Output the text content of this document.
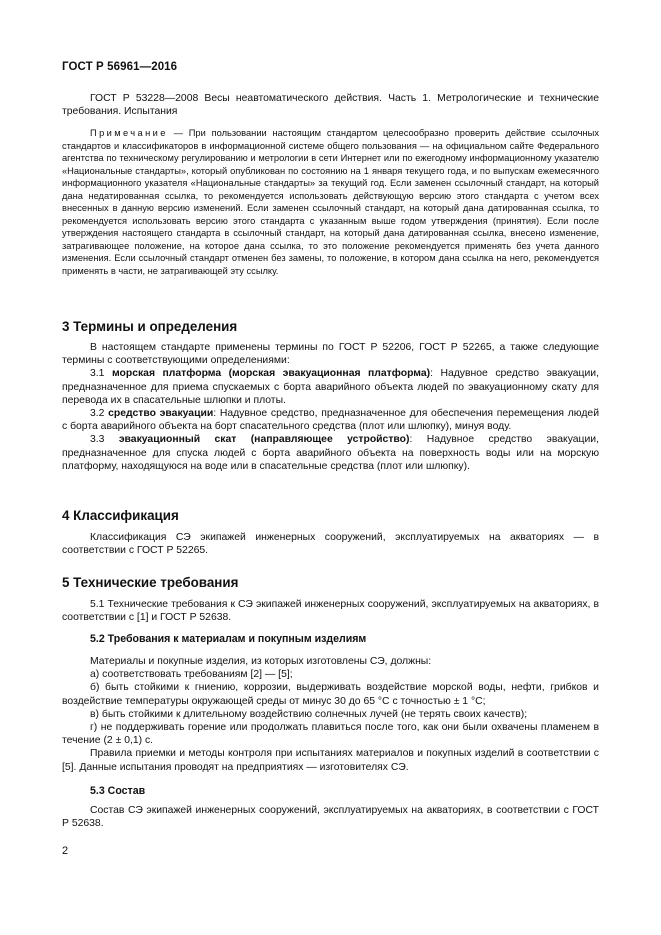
ГОСТ Р 56961—2016

ГОСТ Р 53228—2008 Весы неавтоматического действия. Часть 1. Метрологические и технические требования. Испытания

Примечание — При пользовании настоящим стандартом целесообразно проверить действие ссылочных стандартов и классификаторов в информационной системе общего пользования — на официальном сайте Федерального агентства по техническому регулированию и метрологии в сети Интернет или по ежегодному информационному указателю «Национальные стандарты», который опубликован по состоянию на 1 января текущего года, и по выпускам ежемесячного информационного указателя «Национальные стандарты» за текущий год. Если заменен ссылочный стандарт, на который дана недатированная ссылка, то рекомендуется использовать действующую версию этого стандарта с учетом всех внесенных в данную версию изменений. Если заменен ссылочный стандарт, на который дана датированная ссылка, то рекомендуется использовать версию этого стандарта с указанным выше годом утверждения (принятия). Если после утверждения настоящего стандарта в ссылочный стандарт, на который дана датированная ссылка, внесено изменение, затрагивающее положение, на которое дана ссылка, то это положение рекомендуется применять без учета данного изменения. Если ссылочный стандарт отменен без замены, то положение, в котором дана ссылка на него, рекомендуется применять в части, не затрагивающей эту ссылку.

3 Термины и определения

В настоящем стандарте применены термины по ГОСТ Р 52206, ГОСТ Р 52265, а также следующие термины с соответствующими определениями:

3.1 морская платформа (морская эвакуационная платформа): Надувное средство эвакуации, предназначенное для приема спускаемых с борта аварийного объекта людей по эвакуационному скату для перевода их в спасательные шлюпки и плоты.

3.2 средство эвакуации: Надувное средство, предназначенное для обеспечения перемещения людей с борта аварийного объекта на борт спасательного средства (плот или шлюпку), минуя воду.

3.3 эвакуационный скат (направляющее устройство): Надувное средство эвакуации, предназначенное для спуска людей с борта аварийного объекта на поверхность воды или на морскую платформу, находящуюся на воде или в спасательные средства (плот или шлюпку).

4 Классификация

Классификация СЭ экипажей инженерных сооружений, эксплуатируемых на акваториях — в соответствии с ГОСТ Р 52265.

5 Технические требования

5.1 Технические требования к СЭ экипажей инженерных сооружений, эксплуатируемых на акваториях, в соответствии с [1] и ГОСТ Р 52638.

5.2 Требования к материалам и покупным изделиям

Материалы и покупные изделия, из которых изготовлены СЭ, должны:

а) соответствовать требованиям [2] — [5];

б) быть стойкими к гниению, коррозии, выдерживать воздействие морской воды, нефти, грибков и воздействие температуры окружающей среды от минус 30 до 65 °С с точностью ± 1 °С;

в) быть стойкими к длительному воздействию солнечных лучей (не терять своих качеств);

г) не поддерживать горение или продолжать плавиться после того, как они были охвачены пламенем в течение (2 ± 0,1) с.

Правила приемки и методы контроля при испытаниях материалов и покупных изделий в соответствии с [5]. Данные испытания проводят на предприятиях — изготовителях СЭ.

5.3 Состав

Состав СЭ экипажей инженерных сооружений, эксплуатируемых на акваториях, в соответствии с ГОСТ Р 52638.

2
